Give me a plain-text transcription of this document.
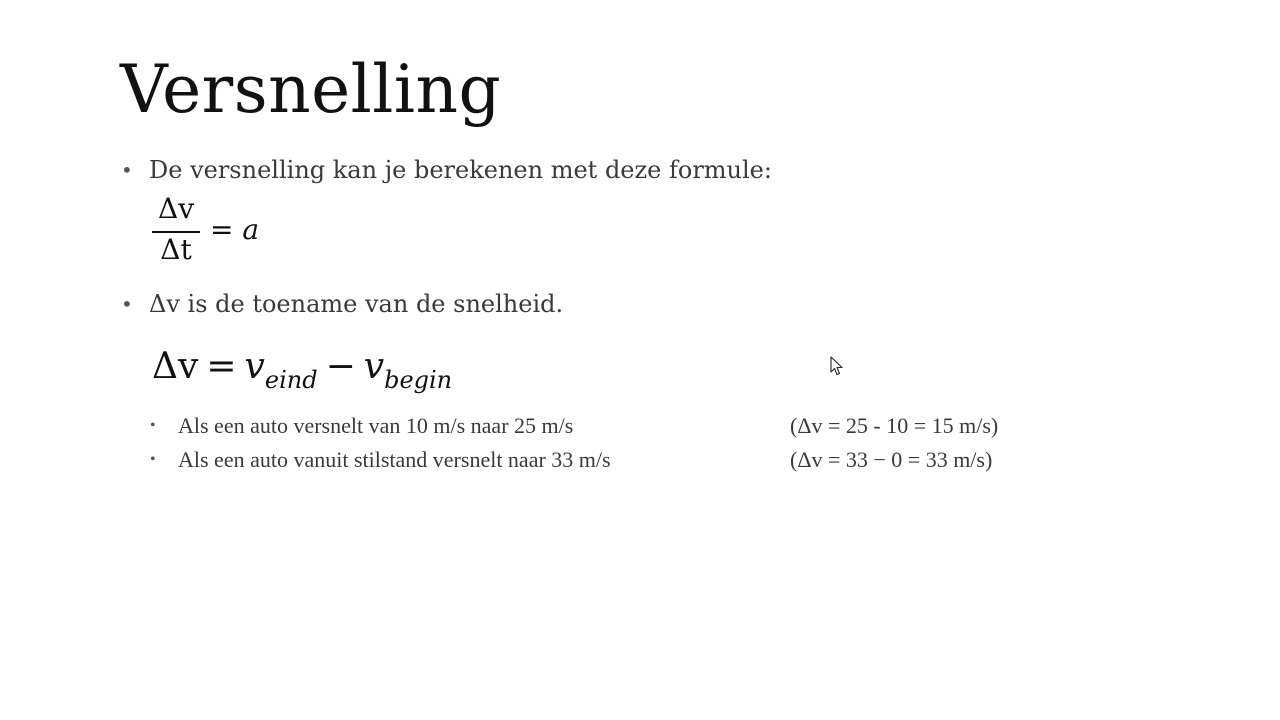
Versnelling
• De versnelling kan je berekenen met deze formule:
Δv
Δt
= a
• Δv is de toename van de snelheid.
$\Delta v = v_{eind} - v_{begin}$
• Als een auto versnelt van 10 m/s naar 25 m/s	(Δv = 25 - 10 = 15 m/s)
• Als een auto vanuit stilstand versnelt naar 33 m/s	(Δv = 33 − 0 = 33 m/s)
